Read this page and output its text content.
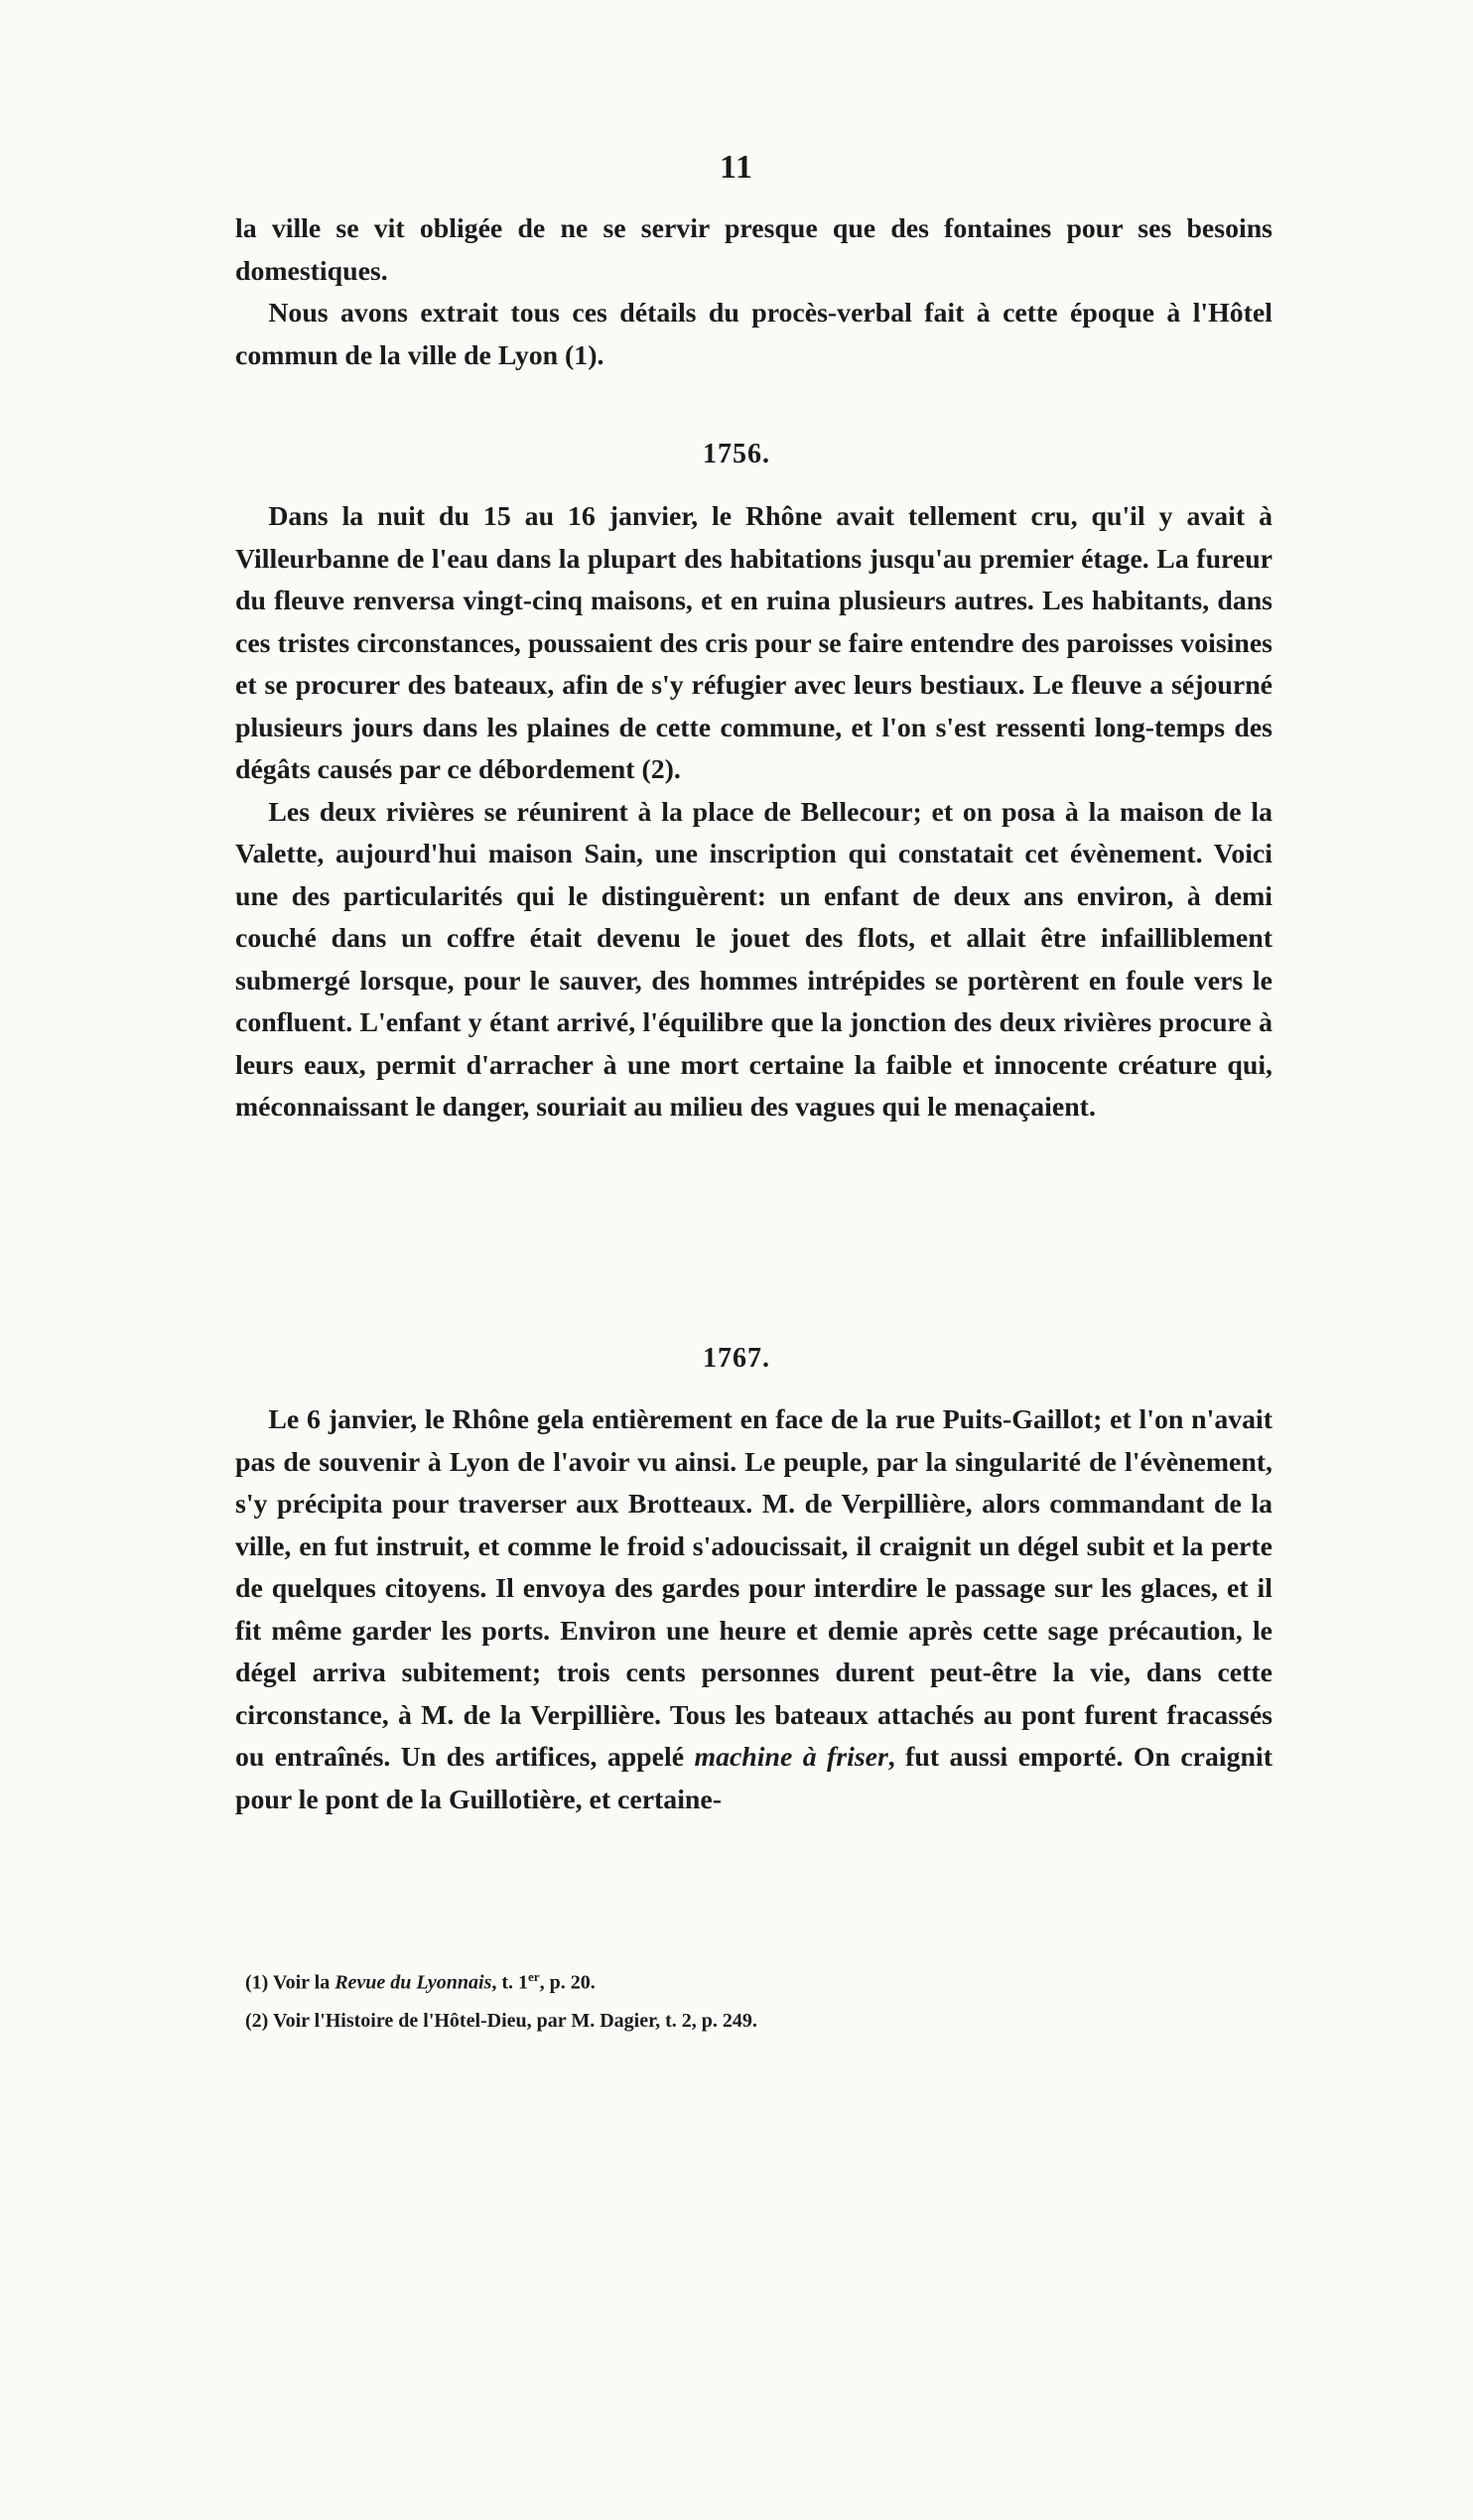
11

la ville se vit obligée de ne se servir presque que des fontaines pour ses besoins domestiques.

Nous avons extrait tous ces détails du procès-verbal fait à cette époque à l'Hôtel commun de la ville de Lyon (1).

1756.

Dans la nuit du 15 au 16 janvier, le Rhône avait tellement cru, qu'il y avait à Villeurbanne de l'eau dans la plupart des habitations jusqu'au premier étage. La fureur du fleuve renversa vingt-cinq maisons, et en ruina plusieurs autres. Les habitants, dans ces tristes circonstances, poussaient des cris pour se faire entendre des paroisses voisines et se procurer des bateaux, afin de s'y réfugier avec leurs bestiaux. Le fleuve a séjourné plusieurs jours dans les plaines de cette commune, et l'on s'est ressenti long-temps des dégâts causés par ce débordement (2).

Les deux rivières se réunirent à la place de Bellecour; et on posa à la maison de la Valette, aujourd'hui maison Sain, une inscription qui constatait cet évènement. Voici une des particularités qui le distinguèrent: un enfant de deux ans environ, à demi couché dans un coffre était devenu le jouet des flots, et allait être infailliblement submergé lorsque, pour le sauver, des hommes intrépides se portèrent en foule vers le confluent. L'enfant y étant arrivé, l'équilibre que la jonction des deux rivières procure à leurs eaux, permit d'arracher à une mort certaine la faible et innocente créature qui, méconnaissant le danger, souriait au milieu des vagues qui le menaçaient.

1767.

Le 6 janvier, le Rhône gela entièrement en face de la rue Puits-Gaillot; et l'on n'avait pas de souvenir à Lyon de l'avoir vu ainsi. Le peuple, par la singularité de l'évènement, s'y précipita pour traverser aux Brotteaux. M. de Verpillière, alors commandant de la ville, en fut instruit, et comme le froid s'adoucissait, il craignit un dégel subit et la perte de quelques citoyens. Il envoya des gardes pour interdire le passage sur les glaces, et il fit même garder les ports. Environ une heure et demie après cette sage précaution, le dégel arriva subitement; trois cents personnes durent peut-être la vie, dans cette circonstance, à M. de la Verpillière. Tous les bateaux attachés au pont furent fracassés ou entraînés. Un des artifices, appelé machine à friser, fut aussi emporté. On craignit pour le pont de la Guillotière, et certaine-

(1) Voir la Revue du Lyonnais, t. 1er, p. 20.

(2) Voir l'Histoire de l'Hôtel-Dieu, par M. Dagier, t. 2, p. 249.
